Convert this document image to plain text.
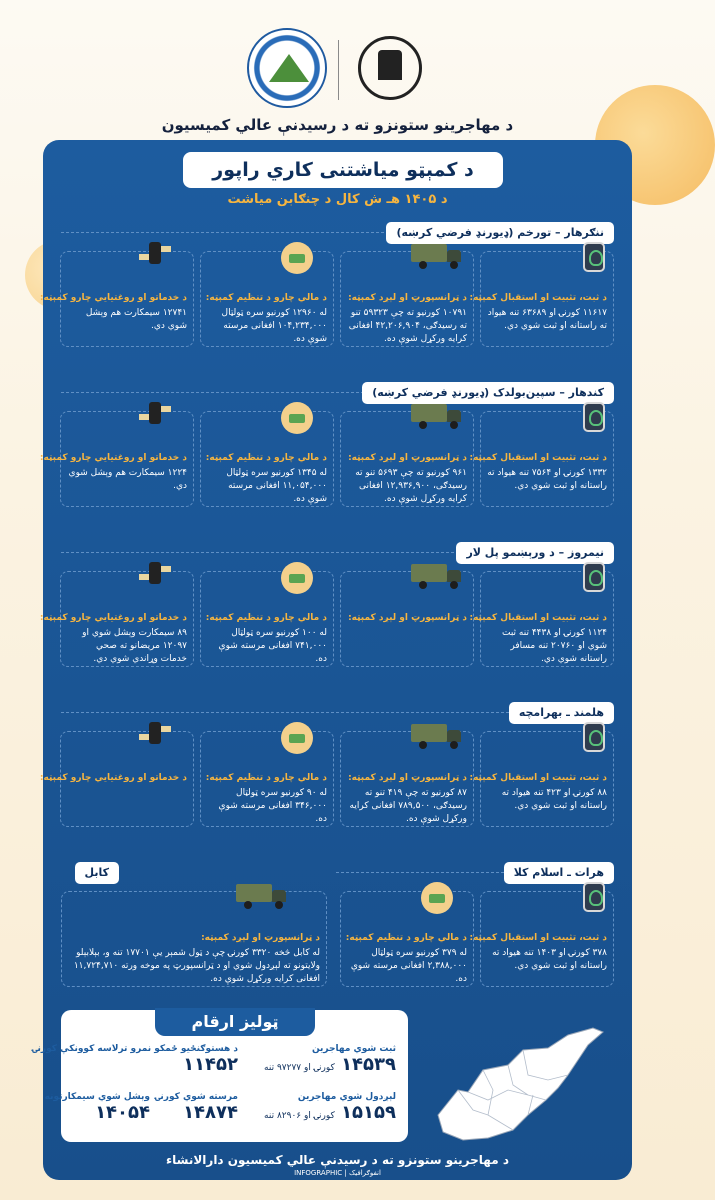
د مهاجرینو ستونزو ته د رسیدنې عالي کمیسیون
د کمېټو میاشتنی کاري راپور
د ۱۴۰۵ هـ ش کال د چنګابن میاشت
ننګرهار – تورخم (ډیورنډ فرضي کرښه)
د ثبت، تثبیت او استقبال کمېټه:
۱۱۶۱۷ کورنۍ او ۶۳۶۸۹ تنه هیواد ته راستانه او ثبت شوي دي.
د ټرانسپورټ او لېږد کمېټه:
۱۰۷۹۱ کورنیو ته چې ۵۹۳۲۳ تنو ته رسیدګی، ۴۲,۲۰۶,۹۰۴ افغانی کرایه ورکړل شوې ده.
د مالي چارو د تنظیم کمېټه:
له ۱۲۹۶۰ کورنیو سره ټولټال ۱۰۴,۲۳۴,۰۰۰ افغانی مرسته شوې ده.
د خدماتو او روغتیایي چارو کمېټه:
۱۲۷۴۱ سیمکارت هم وېشل شوي دي.
کندهار – سپین‌بولدک (ډیورنډ فرضي کرښه)
د ثبت، تثبیت او استقبال کمېټه:
۱۳۳۲ کورنۍ او ۷۵۶۴ تنه هیواد ته راستانه او ثبت شوي دي.
د ټرانسپورټ او لېږد کمېټه:
۹۶۱ کورنیو ته چې ۵۶۹۳ تنو ته رسیدګی، ۱۲,۹۳۶,۹۰۰ افغانی کرایه ورکړل شوې ده.
د مالي چارو د تنظیم کمېټه:
له ۱۳۴۵ کورنیو سره ټولټال ۱۱,۰۵۴,۰۰۰ افغانی مرسته شوې ده.
د خدماتو او روغتیایي چارو کمېټه:
۱۲۲۴ سیمکارت هم وېشل شوي دي.
نیمروز – د ورېښمو پل لار
د ثبت، تثبیت او استقبال کمېټه:
۱۱۲۴ کورنۍ او ۴۴۳۸ تنه ثبت شوي او ۲۰۷۶۰ تنه مسافر راستانه شوي دي.
د ټرانسپورټ او لېږد کمېټه:
د مالي چارو د تنظیم کمېټه:
له ۱۰۰ کورنیو سره ټولټال ۷۴۱,۰۰۰ افغانی مرسته شوې ده.
د خدماتو او روغتیایي چارو کمېټه:
۸۹ سیمکارت وېشل شوي او ۱۲۰۹۷ مریضانو ته صحي خدمات وړاندي شوي دي.
هلمند ـ بهرامچه
د ثبت، تثبیت او استقبال کمېټه:
۸۸ کورنۍ او ۴۲۳ تنه هیواد ته راستانه او ثبت شوي دي.
د ټرانسپورټ او لېږد کمېټه:
۸۷ کورنیو ته چې ۴۱۹ تنو ته رسیدګی، ۷۸۹,۵۰۰ افغانی کرایه ورکړل شوې ده.
د مالي چارو د تنظیم کمېټه:
له ۹۰ کورنیو سره ټولټال ۳۴۶,۰۰۰ افغانی مرسته شوې ده.
د خدماتو او روغتیایي چارو کمېټه:
هرات ـ اسلام کلا
د ثبت، تثبیت او استقبال کمېټه:
۳۷۸ کورنۍ او ۱۴۰۳ تنه هیواد ته راستانه او ثبت شوي دي.
د مالي چارو د تنظیم کمېټه:
له ۳۷۹ کورنیو سره ټولټال ۲,۳۸۸,۰۰۰ افغانی مرسته شوې ده.
کابل
د ټرانسپورټ او لېږد کمېټه:
له کابل څخه ۳۳۲۰ کورنۍ چې د ټول شمېر یې ۱۷۷۰۱ تنه و، بېلابېلو ولایتونو ته لېږدول شوي او د ټرانسپورټ په موخه ورته ۱۱,۷۲۴,۷۱۰ افغانی کرایه ورکړل شوې ده.
ټولیز ارقام
ثبت شوي مهاجرین
۱۴۵۳۹ کورنۍ او ۹۷۲۷۷ تنه
د هستوګنځیو ځمکو نمرو ترلاسه کوونکې کورنۍ
۱۱۴۵۲
لېږدول شوي مهاجرین
۱۵۱۵۹ کورنۍ او ۸۲۹۰۶ تنه
مرسته شوي کورنۍ
۱۴۸۷۴
وېشل شوي سیمکارتونه
۱۴۰۵۴
د مهاجرینو ستونزو ته د رسیدنې عالي کمیسیون دارالانشاء
INFOGRAPHIC | انفوګرافیک
